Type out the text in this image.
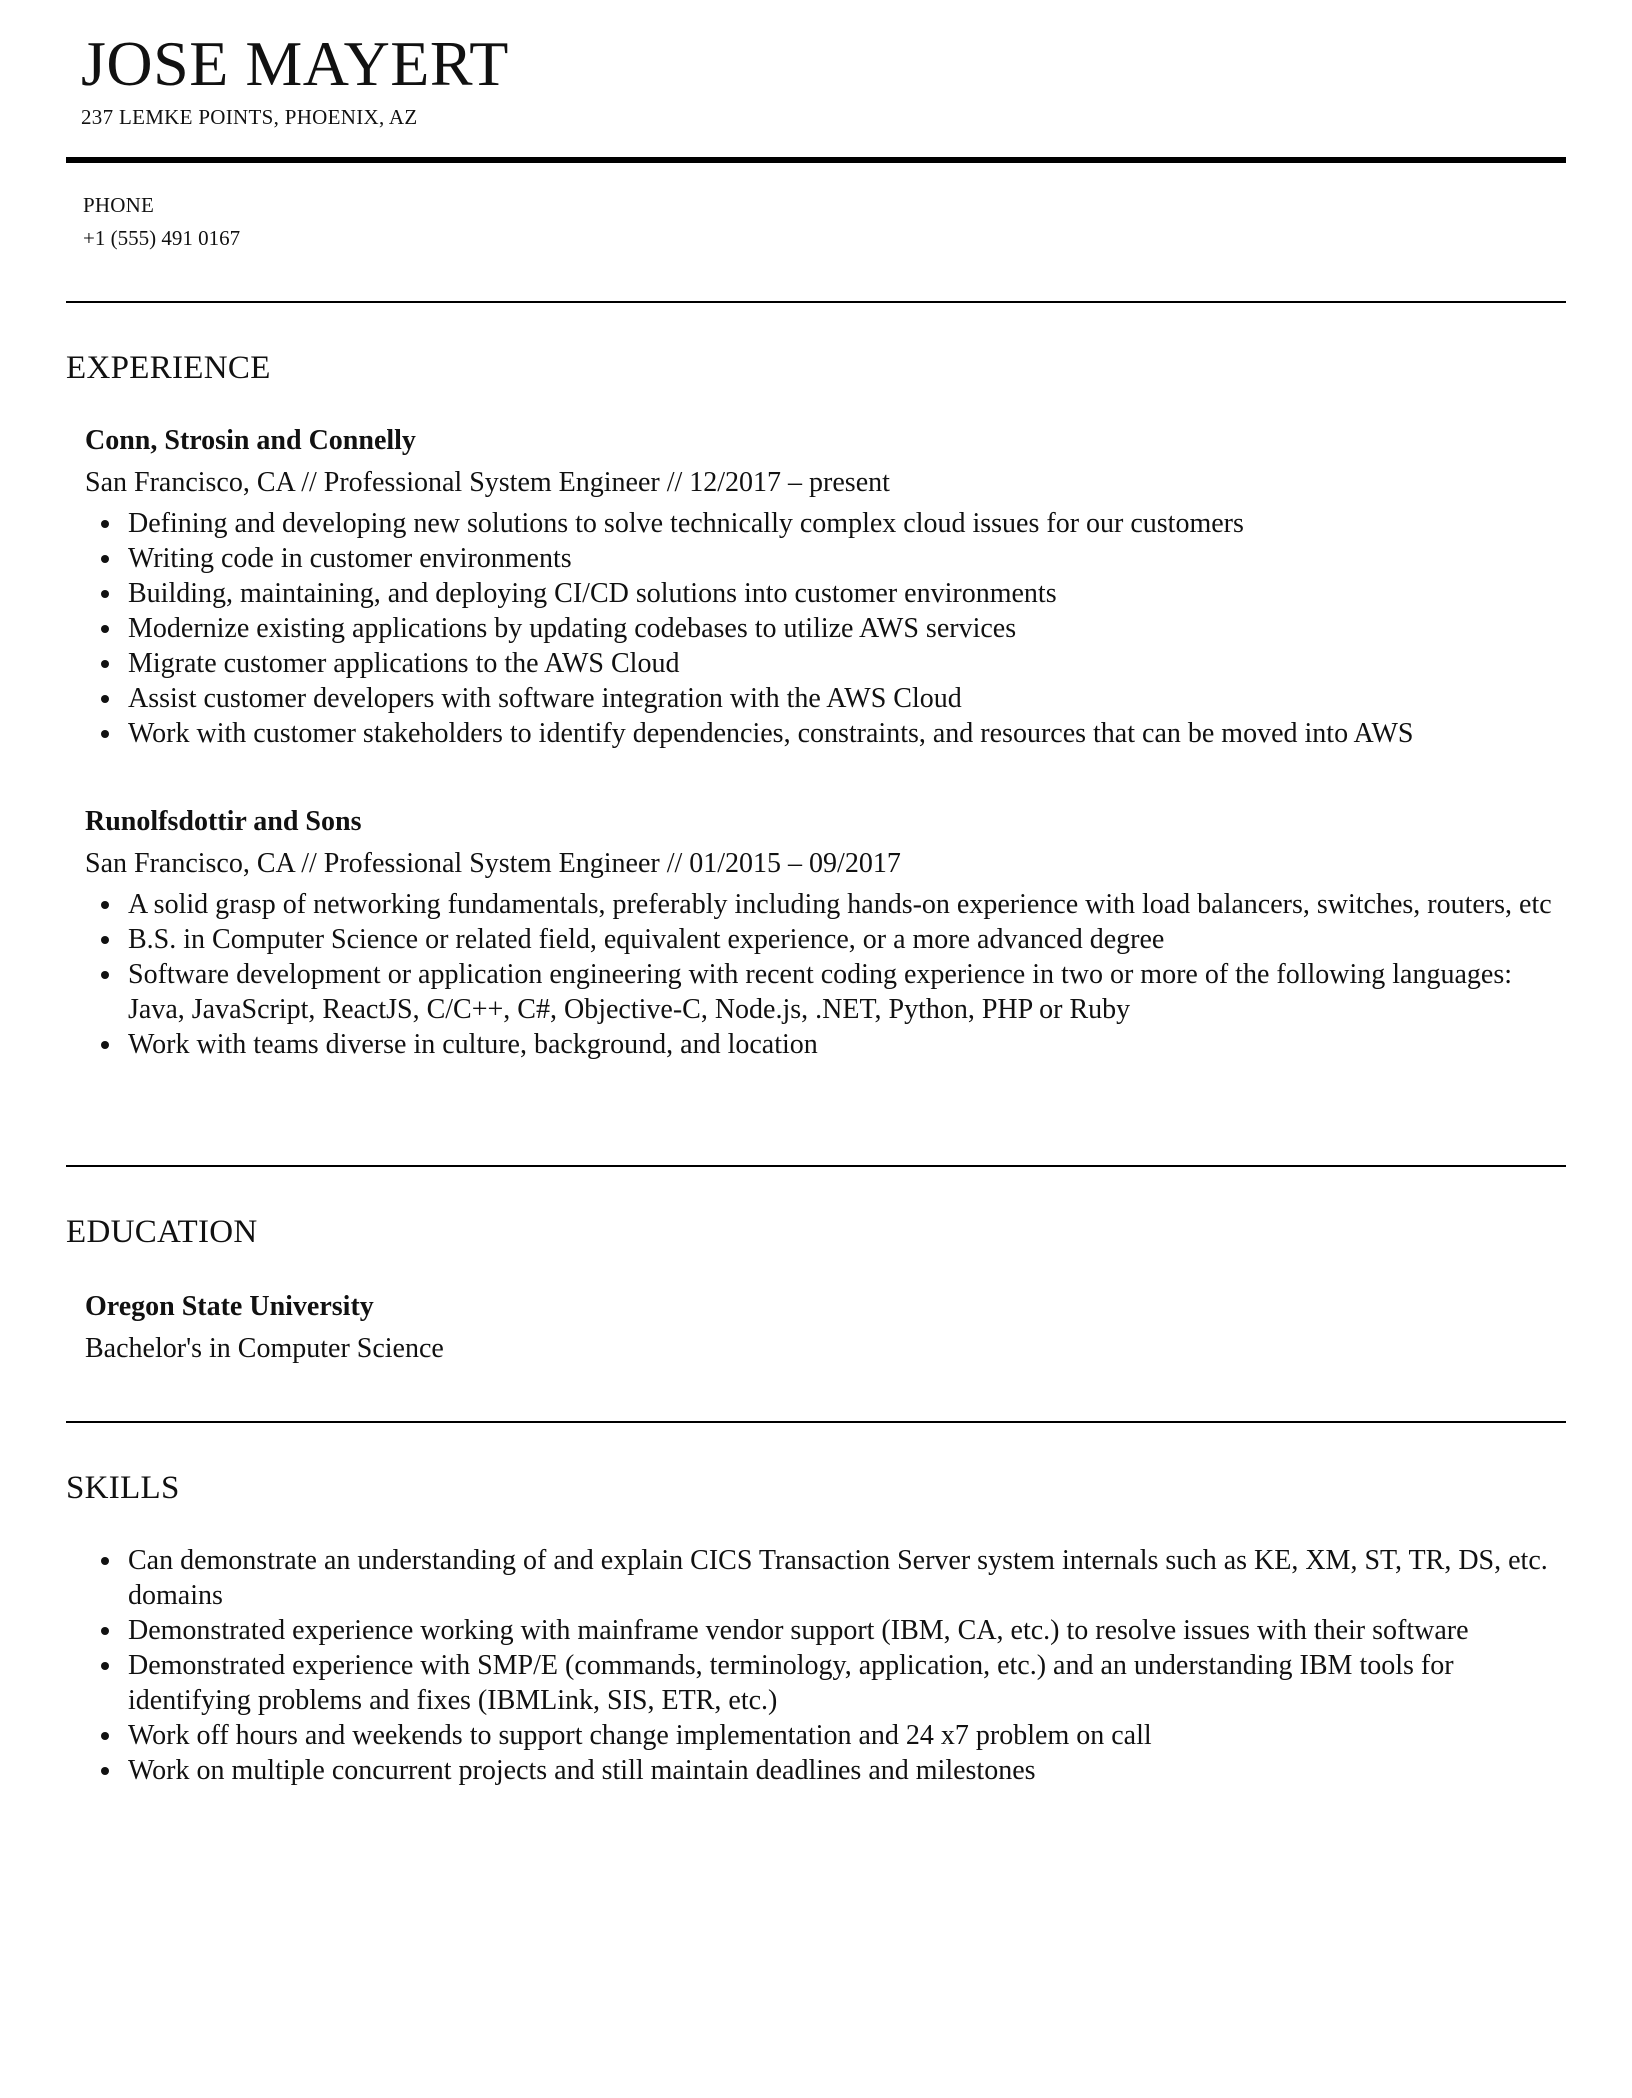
JOSE MAYERT
237 LEMKE POINTS, PHOENIX, AZ
PHONE
+1 (555) 491 0167
EXPERIENCE
Conn, Strosin and Connelly
San Francisco, CA // Professional System Engineer // 12/2017 – present
Defining and developing new solutions to solve technically complex cloud issues for our customers
Writing code in customer environments
Building, maintaining, and deploying CI/CD solutions into customer environments
Modernize existing applications by updating codebases to utilize AWS services
Migrate customer applications to the AWS Cloud
Assist customer developers with software integration with the AWS Cloud
Work with customer stakeholders to identify dependencies, constraints, and resources that can be moved into AWS
Runolfsdottir and Sons
San Francisco, CA // Professional System Engineer // 01/2015 – 09/2017
A solid grasp of networking fundamentals, preferably including hands-on experience with load balancers, switches, routers, etc
B.S. in Computer Science or related field, equivalent experience, or a more advanced degree
Software development or application engineering with recent coding experience in two or more of the following languages: Java, JavaScript, ReactJS, C/C++, C#, Objective-C, Node.js, .NET, Python, PHP or Ruby
Work with teams diverse in culture, background, and location
EDUCATION
Oregon State University
Bachelor's in Computer Science
SKILLS
Can demonstrate an understanding of and explain CICS Transaction Server system internals such as KE, XM, ST, TR, DS, etc. domains
Demonstrated experience working with mainframe vendor support (IBM, CA, etc.) to resolve issues with their software
Demonstrated experience with SMP/E (commands, terminology, application, etc.) and an understanding IBM tools for identifying problems and fixes (IBMLink, SIS, ETR, etc.)
Work off hours and weekends to support change implementation and 24 x7 problem on call
Work on multiple concurrent projects and still maintain deadlines and milestones
